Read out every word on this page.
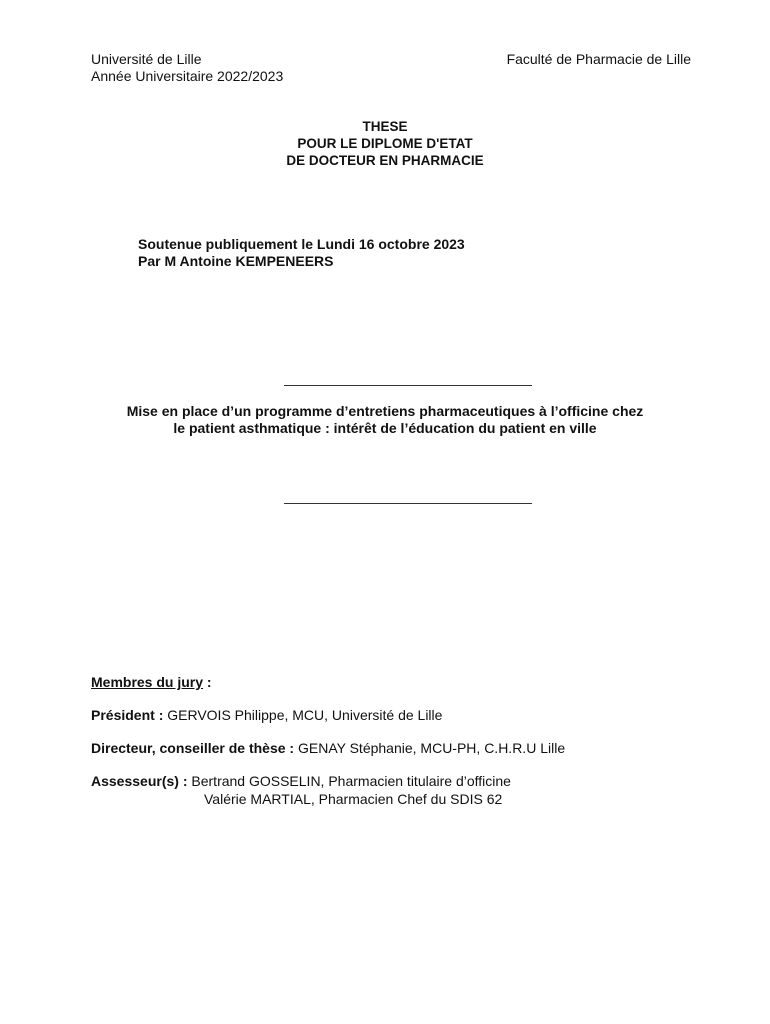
Université de Lille
Année Universitaire 2022/2023
Faculté de Pharmacie de Lille
THESE
POUR LE DIPLOME D'ETAT
DE DOCTEUR EN PHARMACIE
Soutenue publiquement le Lundi 16 octobre 2023
Par M Antoine KEMPENEERS
Mise en place d’un programme d’entretiens pharmaceutiques à l’officine chez
le patient asthmatique : intérêt de l’éducation du patient en ville
Membres du jury :
Président : GERVOIS Philippe, MCU, Université de Lille
Directeur, conseiller de thèse : GENAY Stéphanie, MCU-PH, C.H.R.U Lille
Assesseur(s) : Bertrand GOSSELIN, Pharmacien titulaire d’officine
Valérie MARTIAL, Pharmacien Chef du SDIS 62
